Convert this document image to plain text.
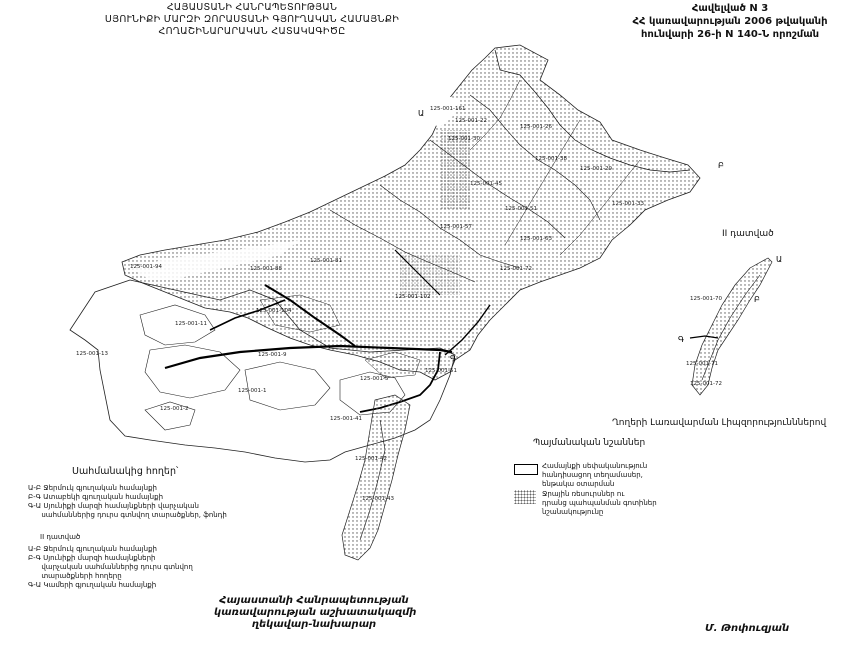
ՀԱՅԱՍՏԱՆԻ ՀԱՆՐԱՊԵՏՈՒԹՅԱՆ
ՍՅՈՒՆԻՔԻ ՄԱՐԶԻ ԶՈՐԱՍՏԱՆԻ ԳՅՈՒՂԱԿԱՆ ՀԱՄԱՅՆՔԻ
ՀՈՂԱՇԻՆԱՐԱՐԱԿԱՆ ՀԱՏԱԿԱԳԻԾԸ
Հավելված N 3
ՀՀ կառավարության 2006 թվականի
հունվարի 26-ի N 140-Ն որոշման
125-001-161
125-001-22
125-001-26
125-001-38
125-001-45
125-001-51
125-001-57
125-001-63
125-001-81
125-001-88
125-001-94
125-001-102
125-001-104
125-001-11
125-001-9
125-001-13
125-001-1
125-001-5
125-001-51
125-001-2
125-001-41
125-001-42
125-001-43
125-001-29
125-001-33
125-001-30
125-001-72
Ա
Բ
Գ
125-001-70
125-001-71
125-001-72
Ա
Բ
Գ
II դատված
Ղողերի Լառավարման Լիպզորությունններով
Պայմանական նշաններ
Համայնքի սեփականություն
հանդիսացող տեղամասեր,
ենթակա օտարման
Ջրային ռեսուրսներ ու
դրանց պահպանման գոտիներ
նշանակությունը
Սահմանակից հողեր՝
Ա-Բ Ջերմուկ գյուղական համայնքի
Բ-Գ Ատաբեկի գյուղական համայնքի
Գ-Ա Սյունիքի մարզի համայնքների վարչական
սահմաններից դուրս գտնվող տարածքներ, ֆոնդի
II դատված
Ա-Բ Ջերմուկ գյուղական համայնքի
Բ-Գ Սյունիքի մարզի համայնքների
վարչական սահմաններից դուրս գտնվող
տարածքների հողերը
Գ-Ա Կամերի գյուղական համայնքի
Հայաստանի Հանրապետության
կառավարության աշխատակազմի
ղեկավար-նախարար	Մ. Թոփուզյան
